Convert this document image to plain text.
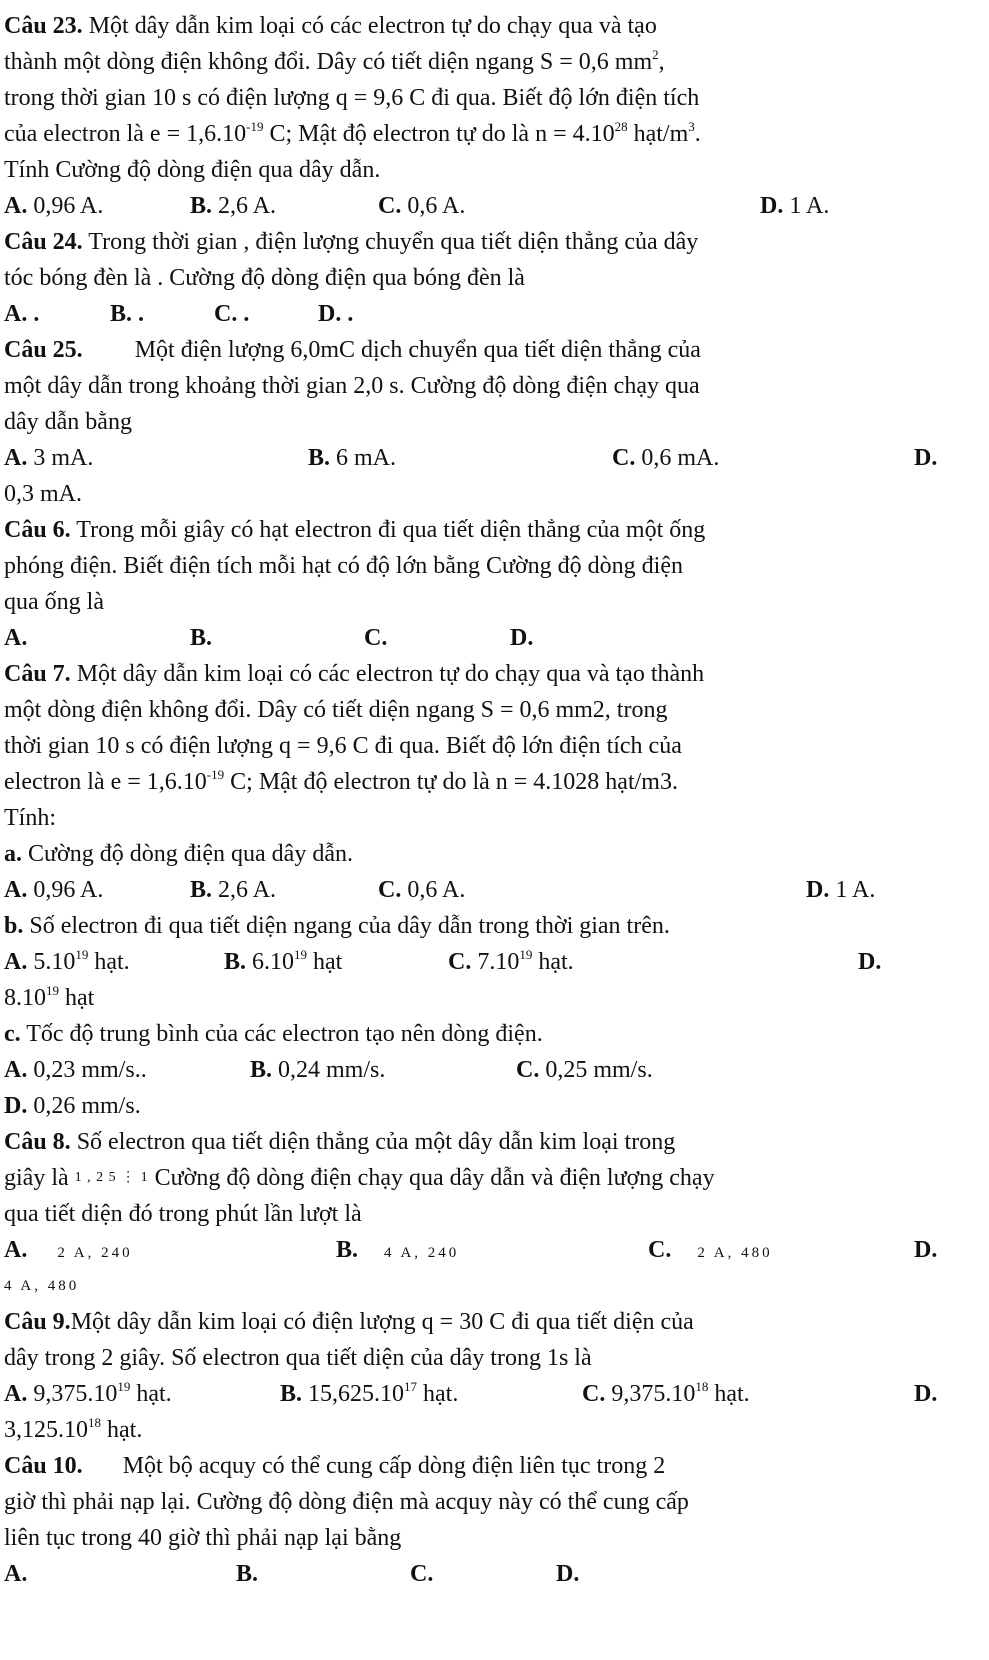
Câu 23. Một dây dẫn kim loại có các electron tự do chạy qua và tạo
thành một dòng điện không đổi. Dây có tiết diện ngang S = 0,6 $mm^2$,
trong thời gian 10 s có điện lượng q = 9,6 C đi qua. Biết độ lớn điện tích
của electron là $e = 1,6.10^{-19}$ C; Mật độ electron tự do là $n = 4.10^{28}$ hạt/$m^3$.
Tính Cường độ dòng điện qua dây dẫn.
A. 0,96 A.	B. 2,6 A.	C. 0,6 A.	D. 1 A.
Câu 24. Trong thời gian , điện lượng chuyển qua tiết diện thẳng của dây
tóc bóng đèn là . Cường độ dòng điện qua bóng đèn là
A. .	B. .	C. .	D. .
Câu 25. Một điện lượng 6,0mC dịch chuyển qua tiết diện thẳng của
một dây dẫn trong khoảng thời gian 2,0 s. Cường độ dòng điện chạy qua
dây dẫn bằng
A. 3 mA.	B. 6 mA.	C. 0,6 mA.	D.
0,3 mA.
Câu 6. Trong mỗi giây có hạt electron đi qua tiết diện thẳng của một ống
phóng điện. Biết điện tích mỗi hạt có độ lớn bằng Cường độ dòng điện
qua ống là
A.	B.	C.	D.
Câu 7. Một dây dẫn kim loại có các electron tự do chạy qua và tạo thành
một dòng điện không đổi. Dây có tiết diện ngang S = 0,6 mm2, trong
thời gian 10 s có điện lượng q = 9,6 C đi qua. Biết độ lớn điện tích của
electron là $e = 1,6.10^{-19}$ C; Mật độ electron tự do là n = 4.1028 hạt/m3.
Tính:
a. Cường độ dòng điện qua dây dẫn.
A. 0,96 A.	B. 2,6 A.	C. 0,6 A.	D. 1 A.
b. Số electron đi qua tiết diện ngang của dây dẫn trong thời gian trên.
A. 5.10$^{19}$ hạt.	B. 6.10$^{19}$ hạt	C. 7.10$^{19}$ hạt.	D.
8.10$^{19}$ hạt
c. Tốc độ trung bình của các electron tạo nên dòng điện.
A. 0,23 mm/s..	B. 0,24 mm/s.	C. 0,25 mm/s.
D. 0,26 mm/s.
Câu 8. Số electron qua tiết diện thẳng của một dây dẫn kim loại trong
giây là 1 , 2 5 ⋮ 1 Cường độ dòng điện chạy qua dây dẫn và điện lượng chạy
qua tiết diện đó trong phút lần lượt là
A. 2 A, 240	B. 4 A, 240	C. 2 A, 480	D.
4 A, 480
Câu 9.Một dây dẫn kim loại có điện lượng q = 30 C đi qua tiết diện của
dây trong 2 giây. Số electron qua tiết diện của dây trong 1s là
A. 9,375.10$^{19}$ hạt.	B. 15,625.10$^{17}$ hạt.	C. 9,375.10$^{18}$ hạt.	D.
3,125.10$^{18}$ hạt.
Câu 10. Một bộ acquy có thể cung cấp dòng điện liên tục trong 2
giờ thì phải nạp lại. Cường độ dòng điện mà acquy này có thể cung cấp
liên tục trong 40 giờ thì phải nạp lại bằng
A.	B.	C.	D.
